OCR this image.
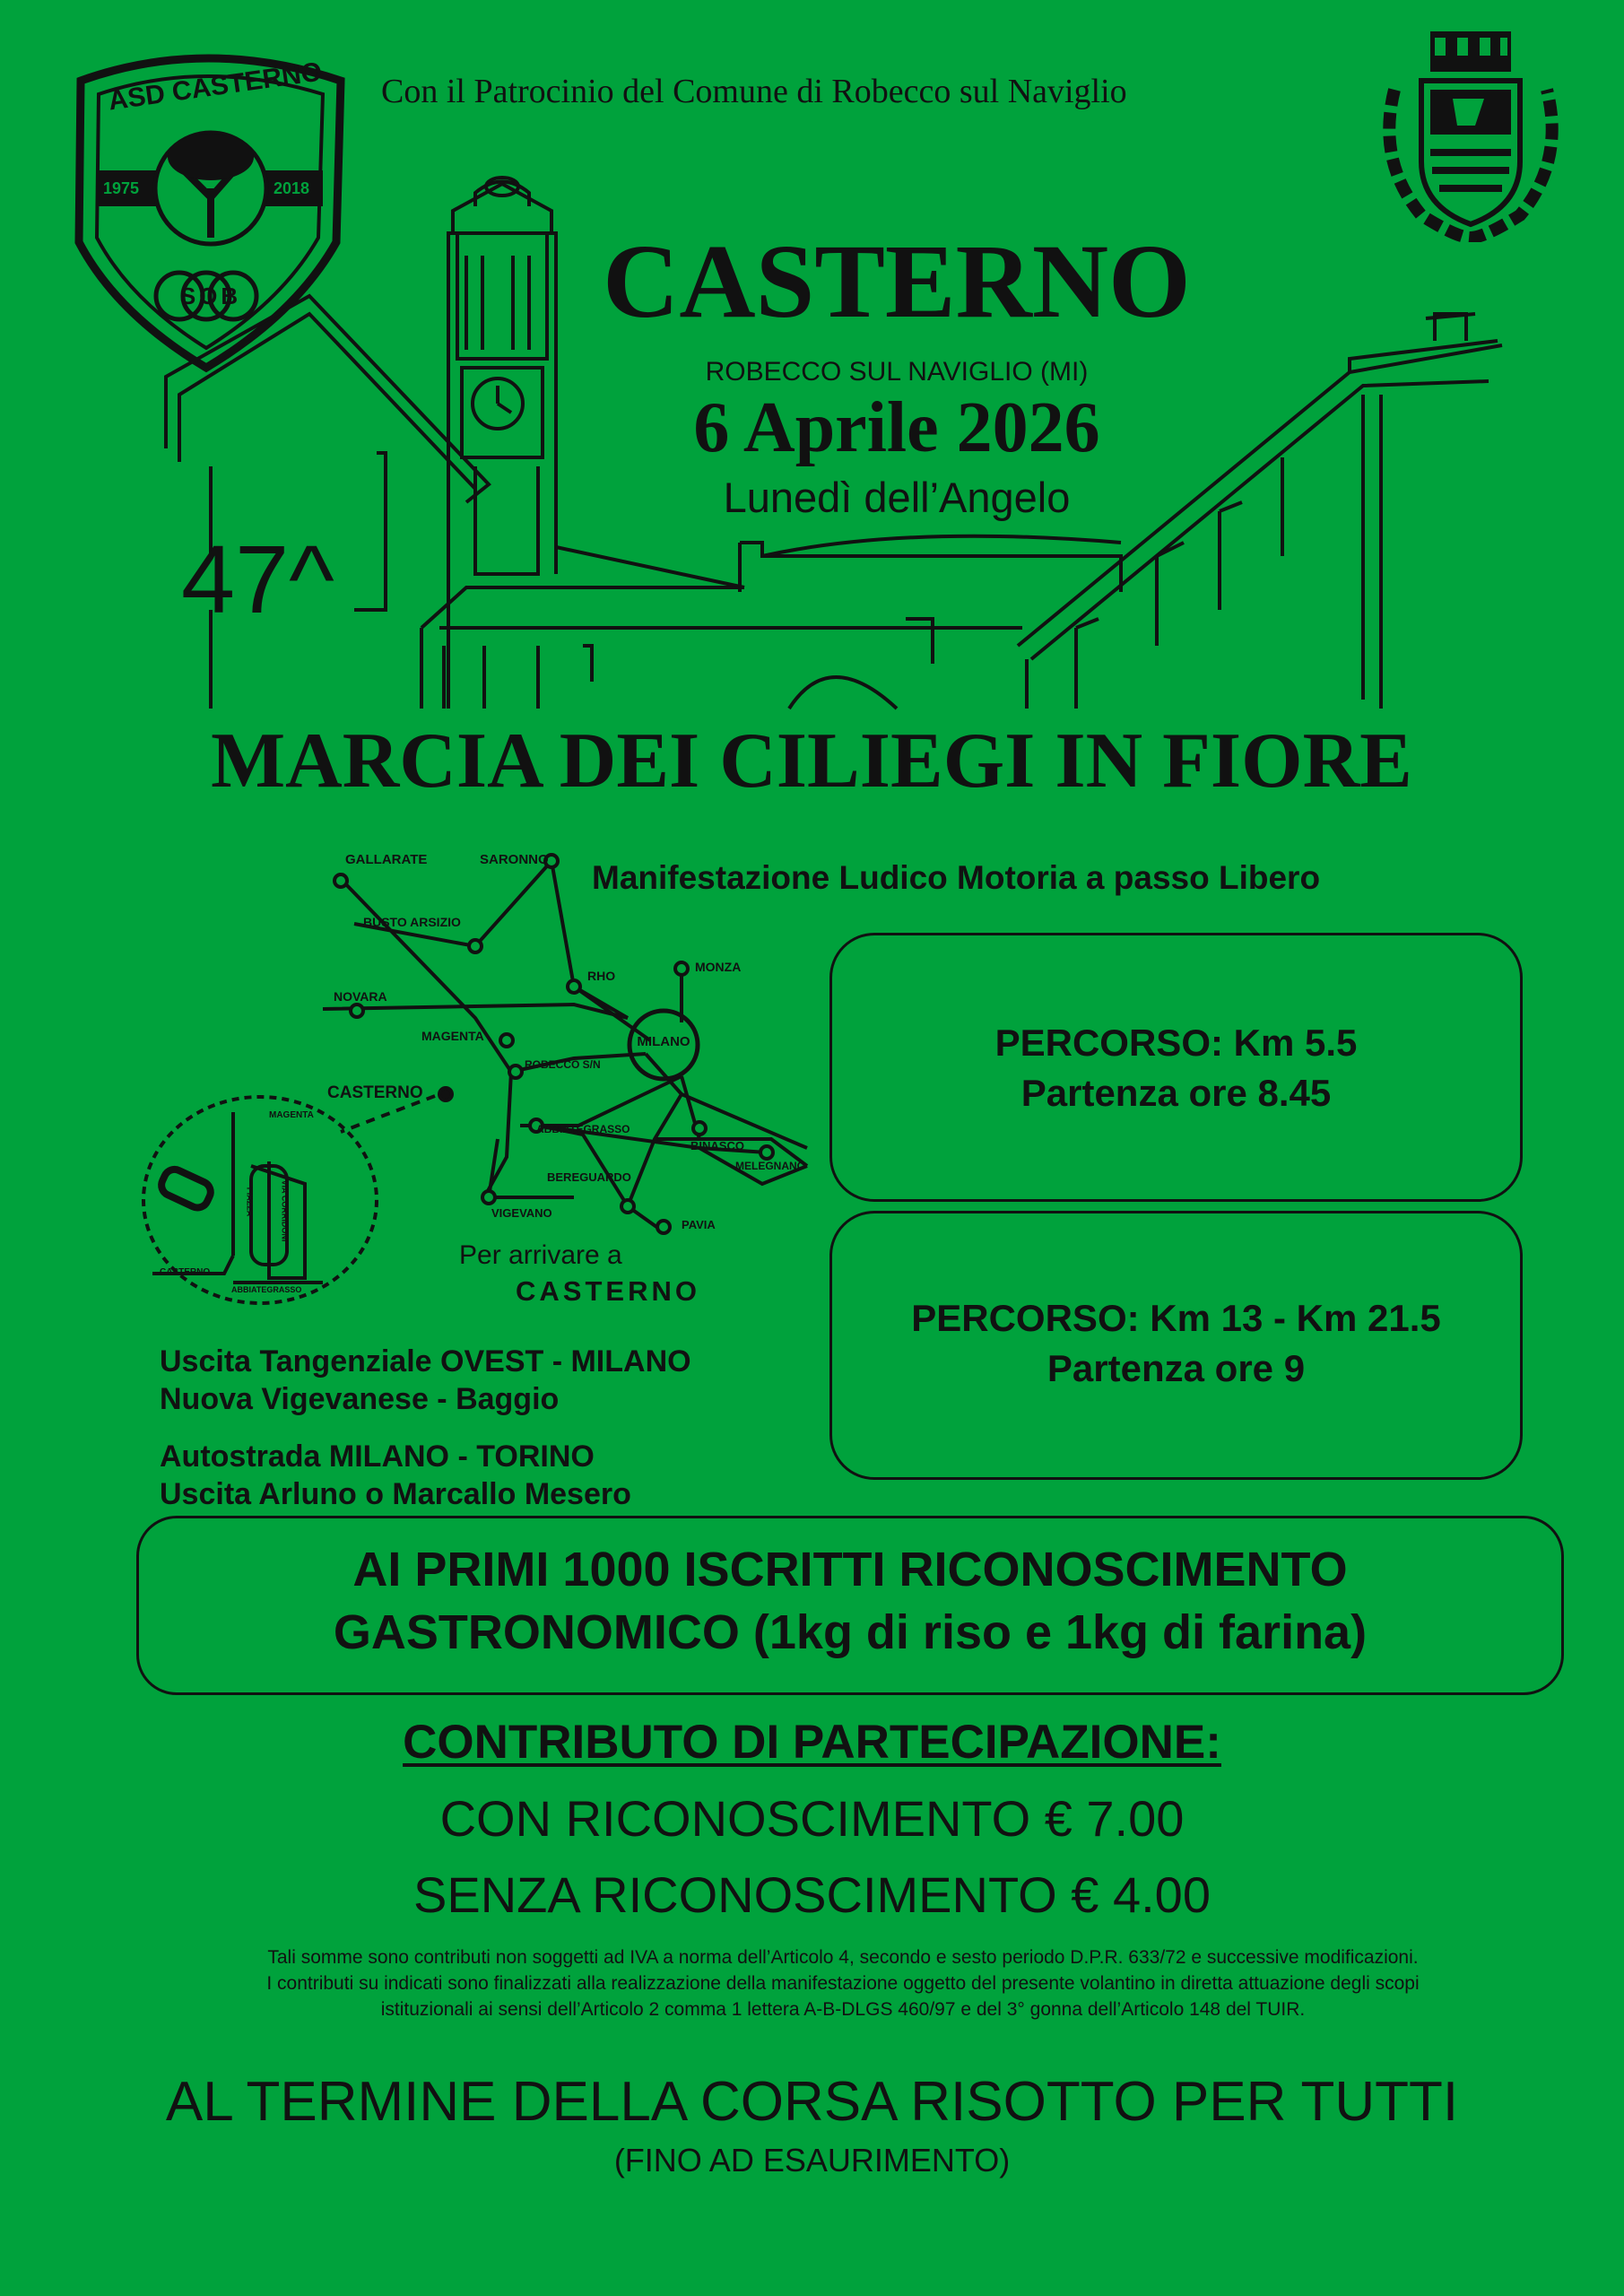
ASD CASTERNO
1975	2018
SOB
Con il Patrocinio del Comune di Robecco sul Naviglio
CASTERNO
ROBECCO SUL NAVIGLIO (MI)
6 Aprile 2026
Lunedì dell’Angelo
47^
MARCIA DEI CILIEGI IN FIORE
Manifestazione Ludico Motoria a passo Libero
GALLARATE	SARONNO
BUSTO ARSIZIO
RHO
MONZA
NOVARA
MAGENTA
ROBECCO S/N
MILANO
CASTERNO
ABBIATEGRASSO
BINASCO
MELEGNANO
BEREGUARDO
VIGEVANO
PAVIA
MAGENTA
CASTERNO
ABBIATEGRASSO
PIAZZA	VIA CORRIDONI
Per arrivare a
CASTERNO
PERCORSO: Km 5.5
Partenza ore 8.45
PERCORSO: Km 13 - Km 21.5
Partenza ore 9
Uscita Tangenziale OVEST - MILANO
Nuova Vigevanese - Baggio
Autostrada MILANO - TORINO
Uscita Arluno o Marcallo Mesero
AI PRIMI 1000 ISCRITTI RICONOSCIMENTO
GASTRONOMICO (1kg di riso e 1kg di farina)
CONTRIBUTO DI PARTECIPAZIONE:
CON RICONOSCIMENTO € 7.00
SENZA RICONOSCIMENTO € 4.00
Tali somme sono contributi non soggetti ad IVA a norma dell’Articolo 4, secondo e sesto periodo D.P.R. 633/72 e successive modificazioni.
I contributi su indicati sono finalizzati alla realizzazione della manifestazione oggetto del presente volantino in diretta attuazione degli scopi
istituzionali ai sensi dell’Articolo 2 comma 1 lettera A-B-DLGS 460/97 e del 3° gonna dell’Articolo 148 del TUIR.
AL TERMINE DELLA CORSA RISOTTO PER TUTTI
(FINO AD ESAURIMENTO)
